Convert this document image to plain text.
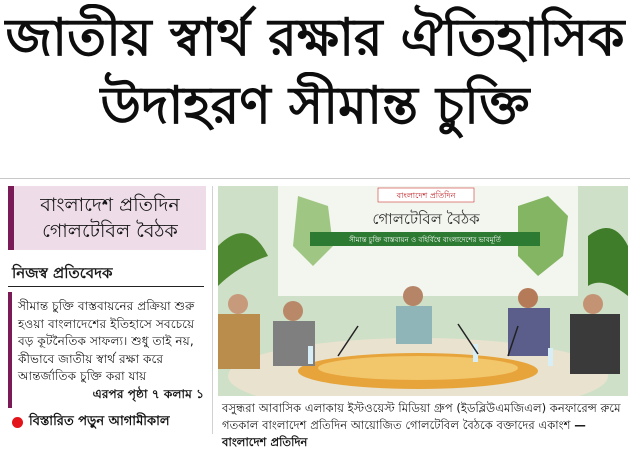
জাতীয় স্বার্থ রক্ষার ঐতিহাসিক
উদাহরণ সীমান্ত চুক্তি
বাংলাদেশ প্রতিদিন
গোলটেবিল বৈঠক
নিজস্ব প্রতিবেদক
সীমান্ত চুক্তি বাস্তবায়নের প্রক্রিয়া শুরু হওয়া বাংলাদেশের ইতিহাসে সবচেয়ে বড় কূটনৈতিক সাফল্য। শুধু তাই নয়, কীভাবে জাতীয় স্বার্থ রক্ষা করে আন্তর্জাতিক চুক্তি করা যায়
এরপর পৃষ্ঠা ৭ কলাম ১
বিস্তারিত পড়ুন আগামীকাল
বাংলাদেশ প্রতিদিন
গোলটেবিল বৈঠক
সীমান্ত চুক্তি বাস্তবায়ন ও বহির্বিশ্বে বাংলাদেশের ভাবমূর্তি
বসুন্ধরা আবাসিক এলাকায় ইস্টওয়েস্ট মিডিয়া গ্রুপ (ইডব্লিউএমজিএল) কনফারেন্স রুমে গতকাল বাংলাদেশ প্রতিদিন আয়োজিত গোলটেবিল বৈঠকে বক্তাদের একাংশ —বাংলাদেশ প্রতিদিন
